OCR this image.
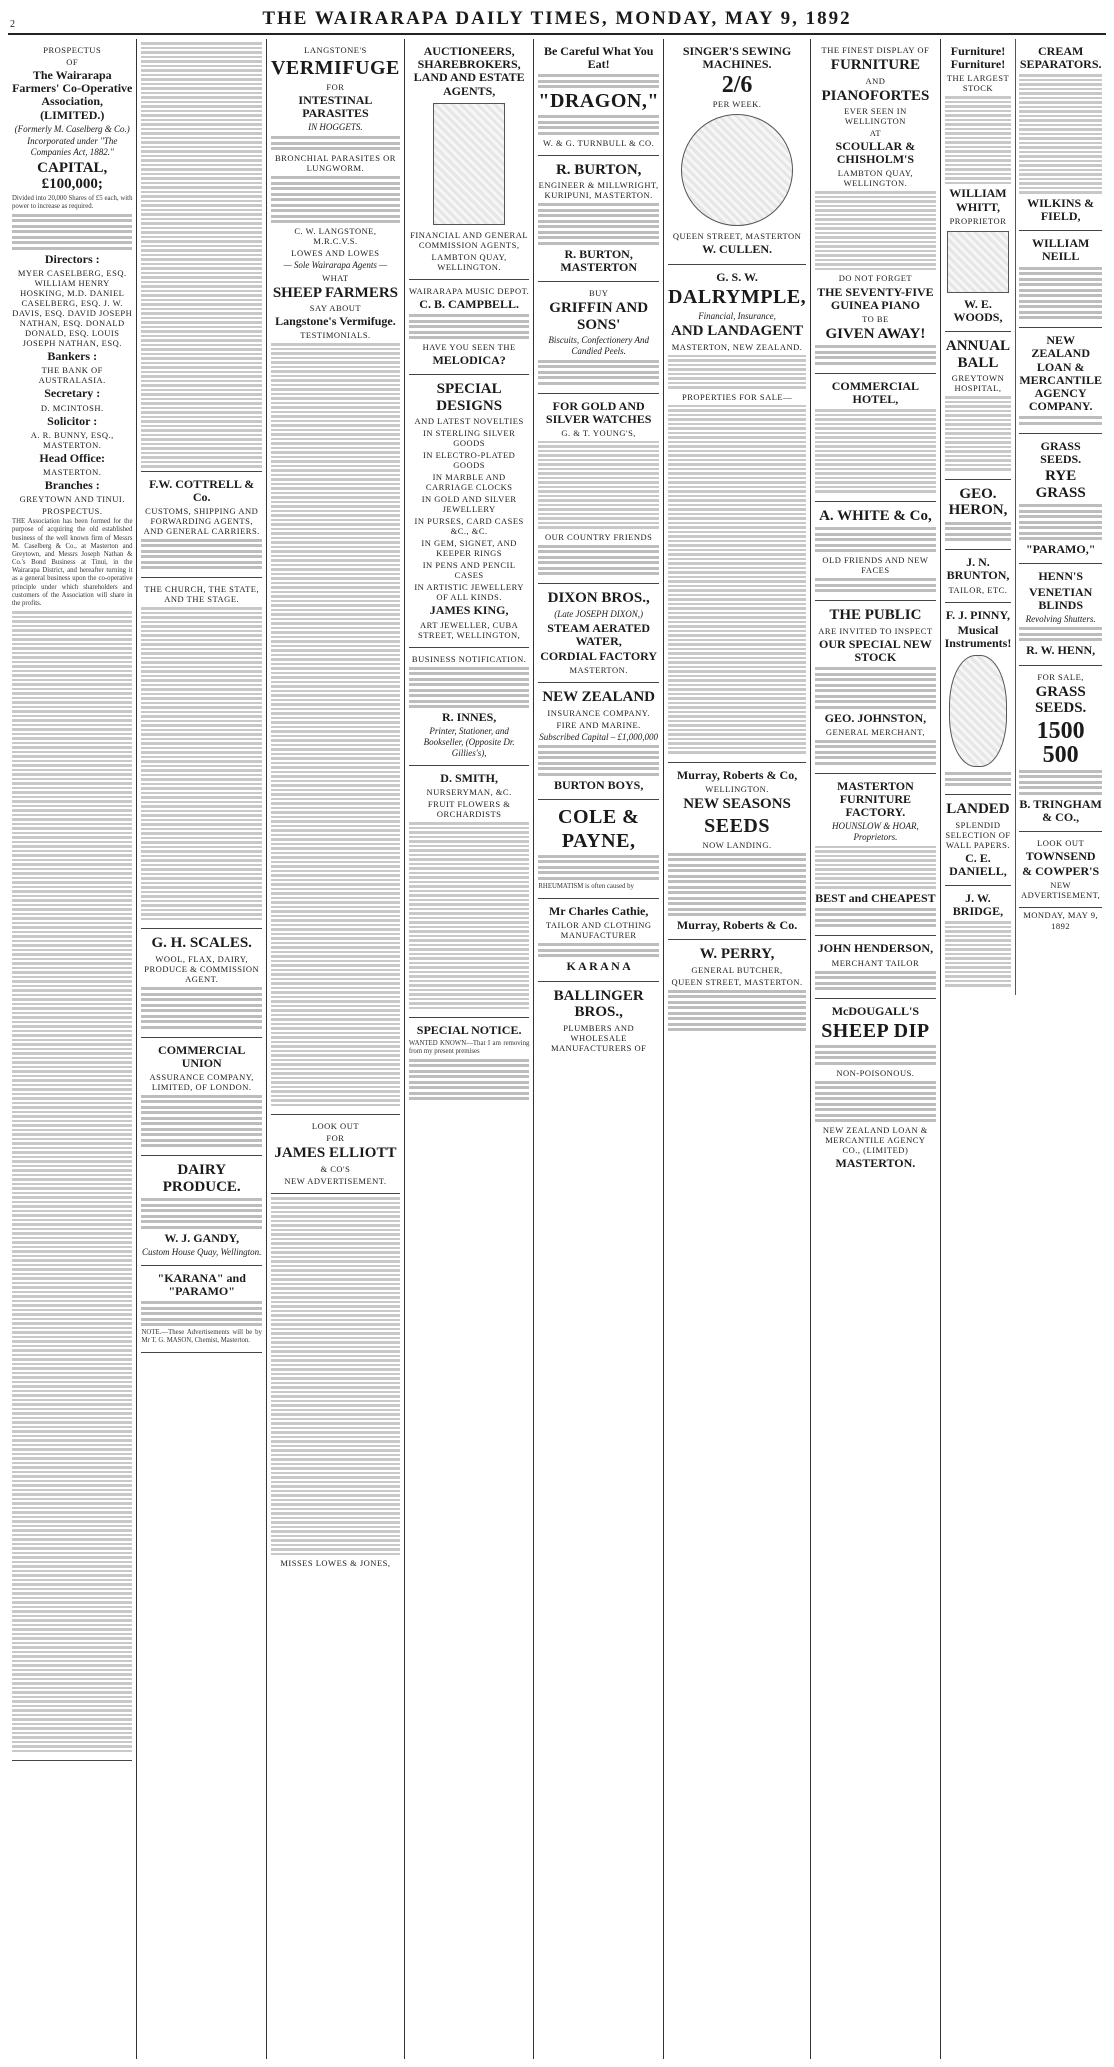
2	THE WAIRARAPA DAILY TIMES, MONDAY, MAY 9, 1892
PROSPECTUS
OF
The Wairarapa Farmers' Co-Operative Association, (LIMITED.)
(Formerly M. Caselberg & Co.)
Incorporated under "The Companies Act, 1882."
CAPITAL, £100,000;
Divided into 20,000 Shares of £5 each, with power to increase as required.
Directors :
MYER CASELBERG, ESQ. WILLIAM HENRY HOSKING, M.D. DANIEL CASELBERG, ESQ. J. W. DAVIS, ESQ. DAVID JOSEPH NATHAN, ESQ. DONALD DONALD, ESQ. LOUIS JOSEPH NATHAN, ESQ.
Bankers :
THE BANK OF AUSTRALASIA.
Secretary :
D. MCINTOSH.
Solicitor :
A. R. BUNNY, ESQ., MASTERTON.
Head Office:
MASTERTON.
Branches :
GREYTOWN AND TINUI.
PROSPECTUS.
THE Association has been formed for the purpose of acquiring the old established business of the well known firm of Messrs M. Caselberg & Co., at Masterton and Greytown, and Messrs Joseph Nathan & Co.'s Bond Business at Tinui, in the Wairarapa District, and hereafter turning it as a general business upon the co-operative principle under which shareholders and customers of the Association will share in the profits.
F.W. COTTRELL & Co.
CUSTOMS, SHIPPING AND FORWARDING AGENTS, AND GENERAL CARRIERS.
THE CHURCH, THE STATE, AND THE STAGE.
G. H. SCALES.
WOOL, FLAX, DAIRY, PRODUCE & COMMISSION AGENT.
COMMERCIAL UNION
ASSURANCE COMPANY, LIMITED, OF LONDON.
DAIRY PRODUCE.
W. J. GANDY,
Custom House Quay, Wellington.
"KARANA" and "PARAMO"
NOTE.—These Advertisements will be by Mr T. G. MASON, Chemist, Masterton.
LANGSTONE'S
VERMIFUGE
FOR
INTESTINAL PARASITES
IN HOGGETS.
BRONCHIAL PARASITES OR LUNGWORM.
C. W. LANGSTONE, M.R.C.V.S.
LOWES AND LOWES
— Sole Wairarapa Agents —
WHAT
SHEEP FARMERS
SAY ABOUT
Langstone's Vermifuge.
TESTIMONIALS.
LOOK OUT
FOR
JAMES ELLIOTT
& CO'S
NEW ADVERTISEMENT.
MISSES LOWES & JONES,
AUCTIONEERS, SHAREBROKERS, LAND AND ESTATE AGENTS,
FINANCIAL AND GENERAL COMMISSION AGENTS,
LAMBTON QUAY, WELLINGTON.
WAIRARAPA MUSIC DEPOT.
C. B. CAMPBELL.
HAVE YOU SEEN THE
MELODICA?
SPECIAL DESIGNS
AND LATEST NOVELTIES
IN STERLING SILVER GOODS
IN ELECTRO-PLATED GOODS
IN MARBLE AND CARRIAGE CLOCKS
IN GOLD AND SILVER JEWELLERY
IN PURSES, CARD CASES &C., &C.
IN GEM, SIGNET, AND KEEPER RINGS
IN PENS AND PENCIL CASES
IN ARTISTIC JEWELLERY OF ALL KINDS.
JAMES KING,
ART JEWELLER, CUBA STREET, WELLINGTON,
BUSINESS NOTIFICATION.
R. INNES,
Printer, Stationer, and Bookseller, (Opposite Dr. Gillies's),
D. SMITH,
NURSERYMAN, &C.
FRUIT FLOWERS & ORCHARDISTS
SPECIAL NOTICE.
WANTED KNOWN—That I am removing from my present premises
Be Careful What You Eat!
"DRAGON,"
W. & G. TURNBULL & CO.
R. BURTON,
ENGINEER & MILLWRIGHT, KURIPUNI, MASTERTON.
R. BURTON, MASTERTON
BUY
GRIFFIN AND SONS'
Biscuits, Confectionery And Candied Peels.
FOR GOLD AND SILVER WATCHES
G. & T. YOUNG'S,
OUR COUNTRY FRIENDS
DIXON BROS.,
(Late JOSEPH DIXON,)
STEAM AERATED WATER,
CORDIAL FACTORY
MASTERTON.
NEW ZEALAND
INSURANCE COMPANY.
FIRE AND MARINE.
Subscribed Capital – £1,000,000
BURTON BOYS,
COLE &
PAYNE,
RHEUMATISM is often caused by
Mr Charles Cathie,
TAILOR AND CLOTHING MANUFACTURER
K A R A N A
BALLINGER BROS.,
PLUMBERS AND WHOLESALE MANUFACTURERS OF
SINGER'S SEWING MACHINES.
2/6
PER WEEK.
QUEEN STREET, MASTERTON
W. CULLEN.
G. S. W.
DALRYMPLE,
Financial, Insurance,
AND LANDAGENT
MASTERTON, NEW ZEALAND.
PROPERTIES FOR SALE—
Murray, Roberts & Co,
WELLINGTON.
NEW SEASONS
SEEDS
NOW LANDING.
Murray, Roberts & Co.
W. PERRY,
GENERAL BUTCHER,
QUEEN STREET, MASTERTON.
THE FINEST DISPLAY OF
FURNITURE
AND
PIANOFORTES
EVER SEEN IN WELLINGTON
AT
SCOULLAR & CHISHOLM'S
LAMBTON QUAY, WELLINGTON.
DO NOT FORGET
THE SEVENTY-FIVE GUINEA PIANO
TO BE
GIVEN AWAY!
COMMERCIAL HOTEL,
A. WHITE & Co,
OLD FRIENDS AND NEW FACES
THE PUBLIC
ARE INVITED TO INSPECT
OUR SPECIAL NEW STOCK
GEO. JOHNSTON,
GENERAL MERCHANT,
MASTERTON FURNITURE FACTORY.
HOUNSLOW & HOAR, Proprietors.
BEST and CHEAPEST
JOHN HENDERSON,
MERCHANT TAILOR
McDOUGALL'S
SHEEP DIP
NON-POISONOUS.
NEW ZEALAND LOAN & MERCANTILE AGENCY CO., (LIMITED)
MASTERTON.
Furniture! Furniture!
THE LARGEST STOCK
WILLIAM WHITT,
PROPRIETOR
W. E. WOODS,
ANNUAL BALL
GREYTOWN HOSPITAL,
GEO. HERON,
J. N. BRUNTON,
TAILOR, ETC.
F. J. PINNY,
Musical Instruments!
LANDED
SPLENDID SELECTION OF WALL PAPERS.
C. E. DANIELL,
J. W. BRIDGE,
CREAM SEPARATORS.
WILKINS & FIELD,
WILLIAM NEILL
NEW ZEALAND LOAN & MERCANTILE AGENCY COMPANY.
GRASS SEEDS.
RYE GRASS
"PARAMO,"
HENN'S
VENETIAN BLINDS
Revolving Shutters.
R. W. HENN,
FOR SALE,
GRASS SEEDS.
1500
500
B. TRINGHAM & CO.,
LOOK OUT
TOWNSEND
& COWPER'S
NEW ADVERTISEMENT,
MONDAY, MAY 9, 1892
